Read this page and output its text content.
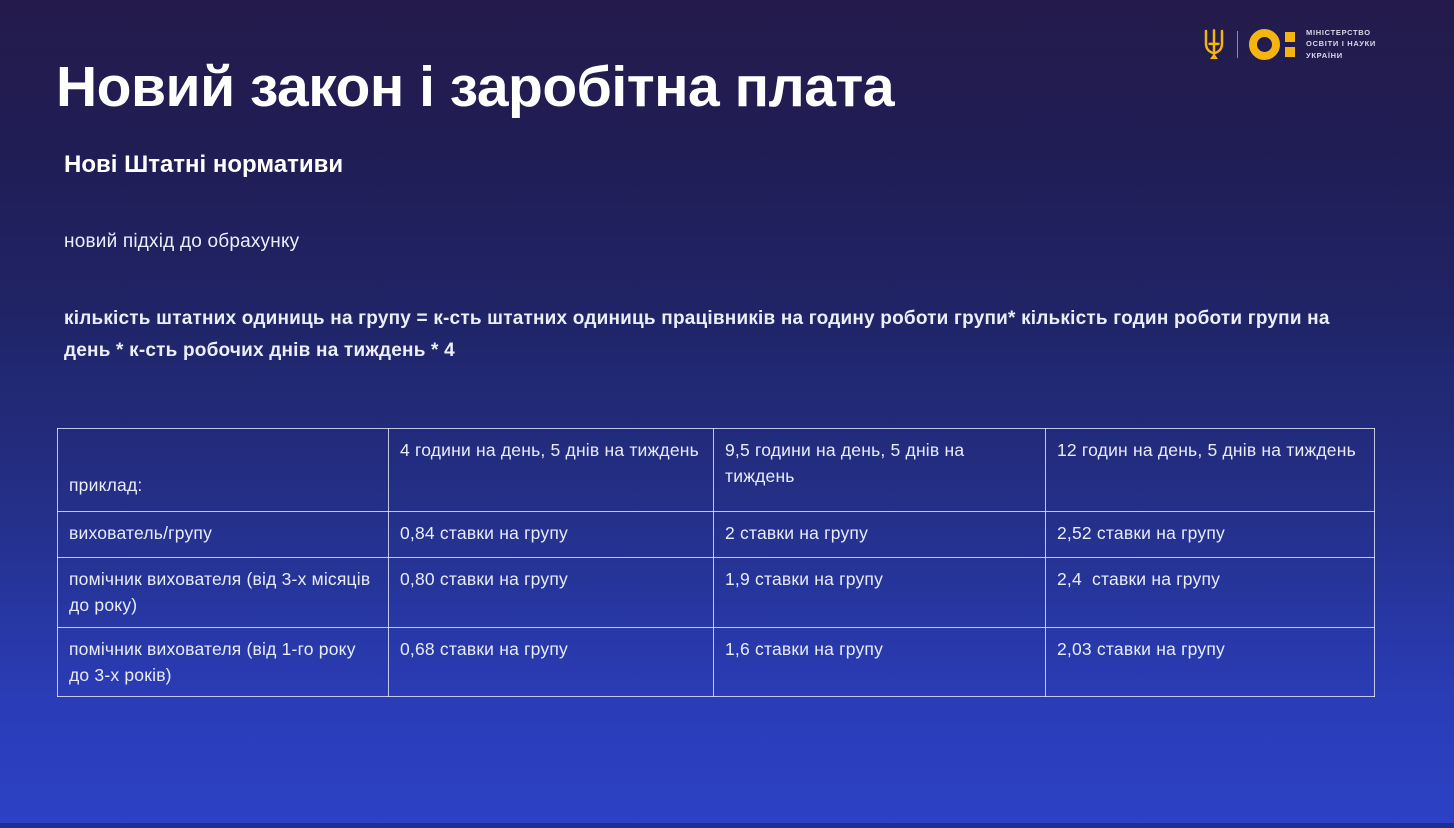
МІНІСТЕРСТВО
ОСВІТИ І НАУКИ
УКРАЇНИ
Новий закон і заробітна плата
Нові Штатні нормативи

новий підхід до обрахунку

кількість штатних одиниць на групу = к-сть штатних одиниць працівників на годину роботи групи* кількість годин роботи групи на день * к-сть робочих днів на тиждень * 4

приклад:	4 години на день, 5 днів на тиждень	9,5 години на день, 5 днів на тиждень	12 годин на день, 5 днів на тиждень
вихователь/групу	0,84 ставки на групу	2 ставки на групу	2,52 ставки на групу
помічник вихователя (від 3-х місяців до року)	0,80 ставки на групу	1,9 ставки на групу	2,4  ставки на групу
помічник вихователя (від 1-го року до 3-х років)	0,68 ставки на групу	1,6 ставки на групу	2,03 ставки на групу
